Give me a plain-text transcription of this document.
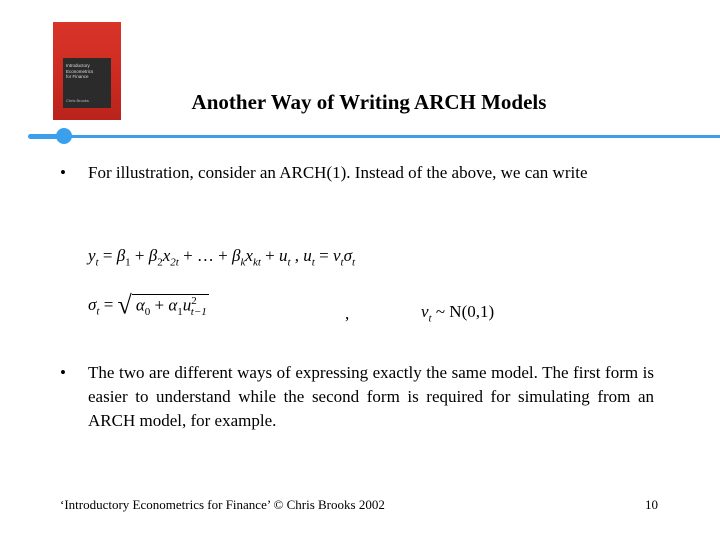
Introductory
Econometrics
for Finance
Chris Brooks	Another Way of Writing ARCH Models
• For illustration, consider an ARCH(1). Instead of the above, we can write
$y_t = \beta_1 + \beta_2x_{2t}$ + … + $\beta_kx_{kt} + u_t$ , $u_t = \nu_t\sigma_t$
$\sigma_t$ = √ $\alpha_0 + \alpha_1u^2_{t-1}$	,	$\nu_t$ ~ N(0,1)
• The two are different ways of expressing exactly the same model. The first form is easier to understand while the second form is required for simulating from an ARCH model, for example.
‘Introductory Econometrics for Finance’ © Chris Brooks 2002	10
